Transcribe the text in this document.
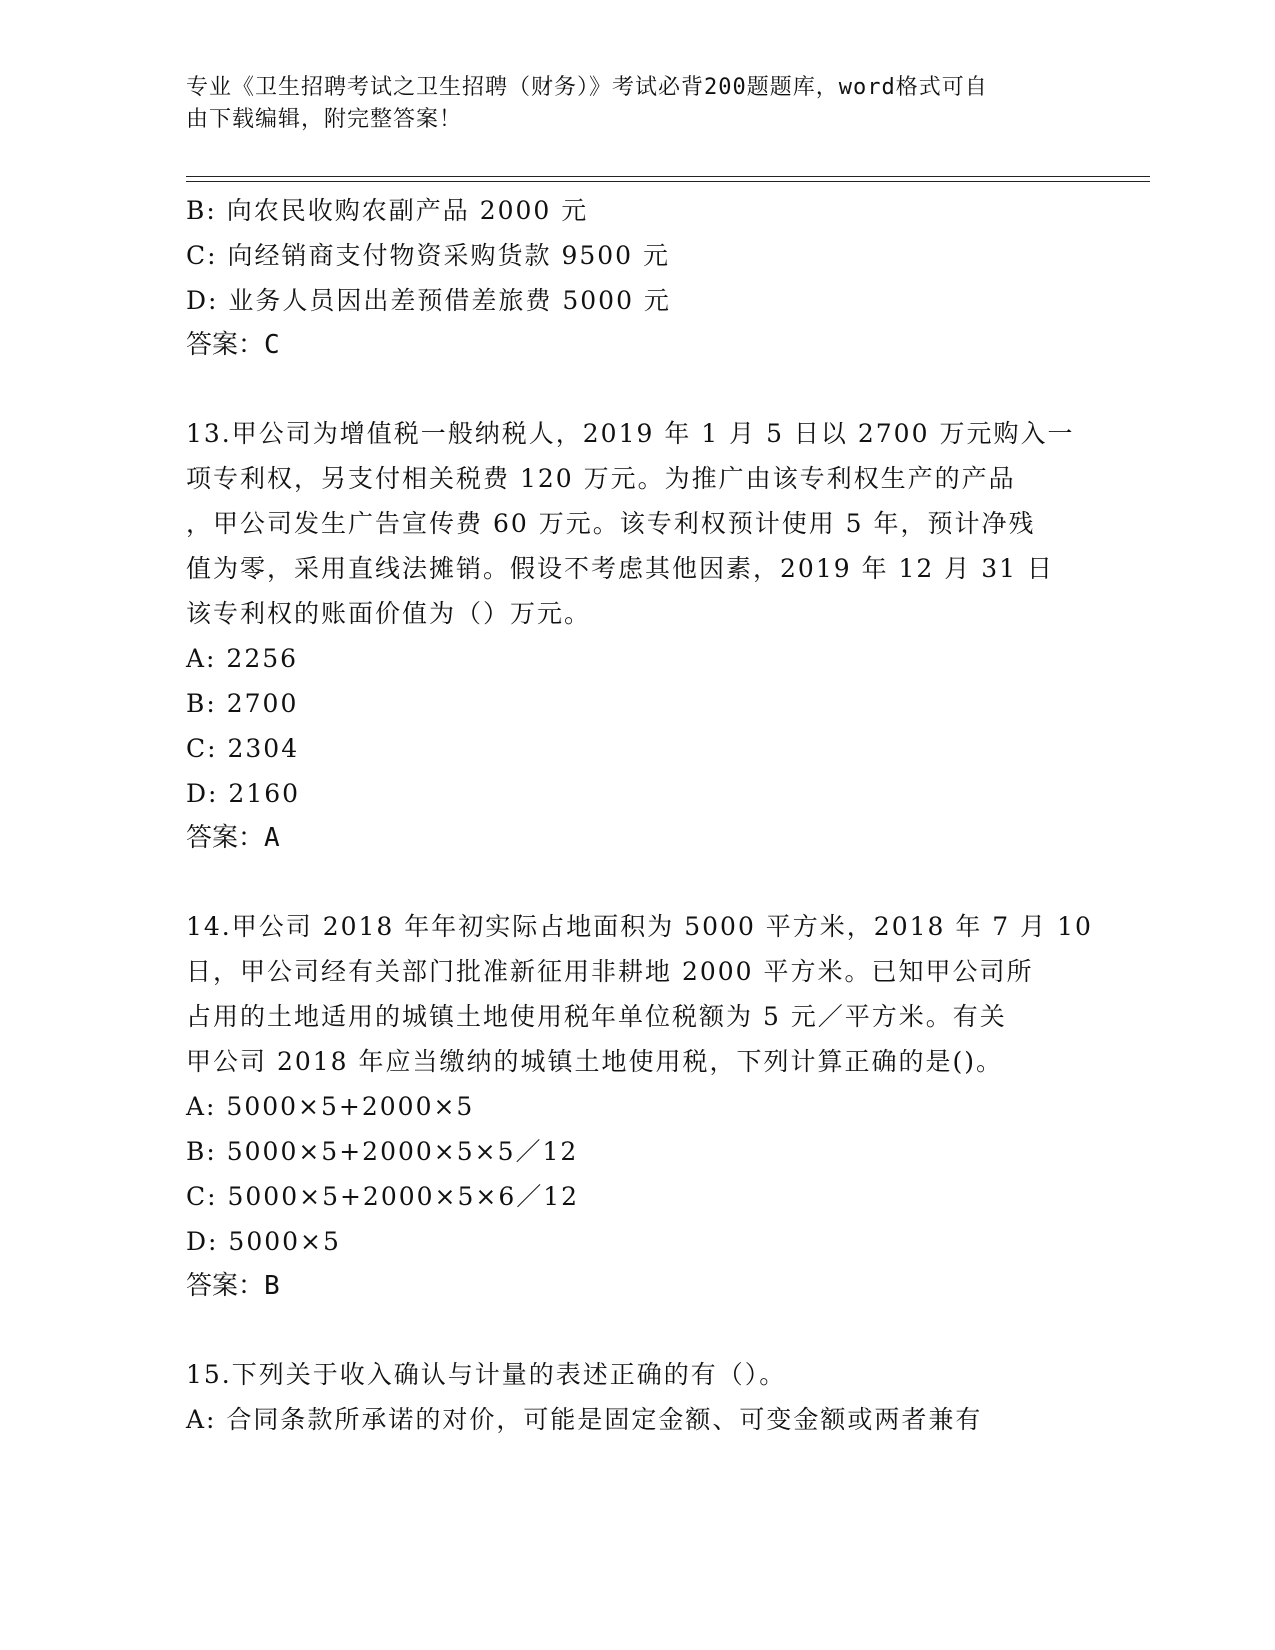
专业《卫生招聘考试之卫生招聘（财务）》考试必背200题题库，word格式可自
由下载编辑，附完整答案！
B: 向农民收购农副产品 2000 元
C: 向经销商支付物资采购货款 9500 元
D: 业务人员因出差预借差旅费 5000 元
答案：C
13.甲公司为增值税一般纳税人，2019 年 1 月 5 日以 2700 万元购入一
项专利权，另支付相关税费 120 万元。为推广由该专利权生产的产品
，甲公司发生广告宣传费 60 万元。该专利权预计使用 5 年，预计净残
值为零，采用直线法摊销。假设不考虑其他因素，2019 年 12 月 31 日
该专利权的账面价值为（）万元。
A: 2256
B: 2700
C: 2304
D: 2160
答案：A
14.甲公司 2018 年年初实际占地面积为 5000 平方米，2018 年 7 月 10
日，甲公司经有关部门批准新征用非耕地 2000 平方米。已知甲公司所
占用的土地适用的城镇土地使用税年单位税额为 5 元／平方米。有关
甲公司 2018 年应当缴纳的城镇土地使用税，下列计算正确的是()。
A: 5000×5+2000×5
B: 5000×5+2000×5×5／12
C: 5000×5+2000×5×6／12
D: 5000×5
答案：B
15.下列关于收入确认与计量的表述正确的有（）。
A: 合同条款所承诺的对价，可能是固定金额、可变金额或两者兼有
